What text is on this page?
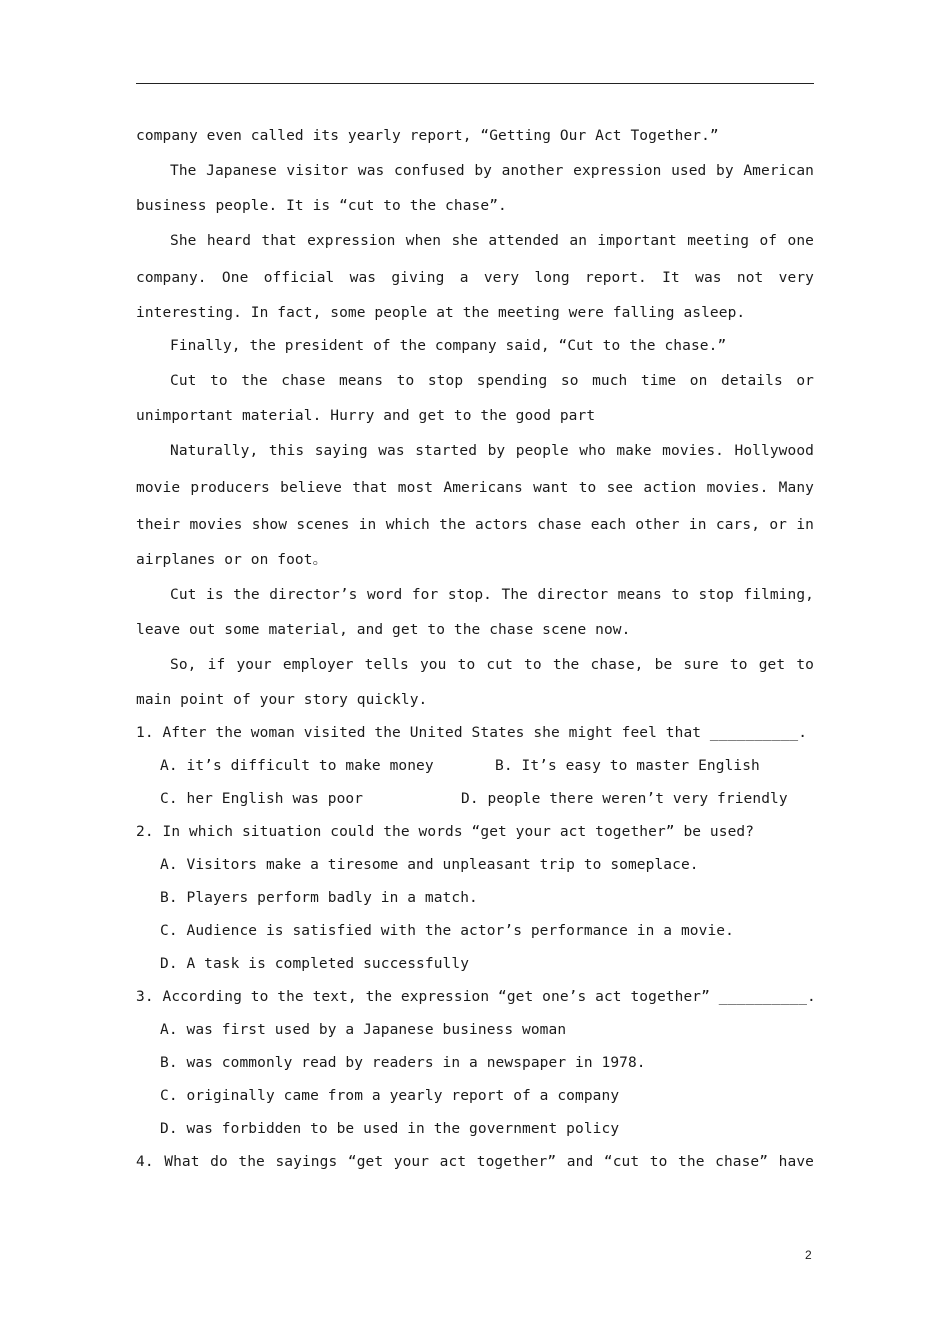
company even called its yearly report, “Getting Our Act Together.”
The Japanese visitor was confused by another expression used by American
business people. It is “cut to the chase”.
She heard that expression when she attended an important meeting of one
company. One official was giving a very long report. It was not very
interesting. In fact, some people at the meeting were falling asleep.
Finally, the president of the company said, “Cut to the chase.”
Cut to the chase means to stop spending so much time on details or
unimportant material. Hurry and get to the good part
Naturally, this saying was started by people who make movies. Hollywood
movie producers believe that most Americans want to see action movies. Many
their movies show scenes in which the actors chase each other in cars, or in
airplanes or on foot。
Cut is the director’s word for stop. The director means to stop filming,
leave out some material, and get to the chase scene now.
So, if your employer tells you to cut to the chase, be sure to get to
main point of your story quickly.
1. After the woman visited the United States she might feel that __________.
A. it’s difficult to make money	B. It’s easy to master English
C. her English was poor	D. people there weren’t very friendly
2. In which situation could the words “get your act together” be used?
A. Visitors make a tiresome and unpleasant trip to someplace.
B. Players perform badly in a match.
C. Audience is satisfied with the actor’s performance in a movie.
D. A task is completed successfully
3. According to the text, the expression “get one’s act together” __________.
A. was first used by a Japanese business woman
B. was commonly read by readers in a newspaper in 1978.
C. originally came from a yearly report of a company
D. was forbidden to be used in the government policy
4. What do the sayings “get your act together” and “cut to the chase” have
2
